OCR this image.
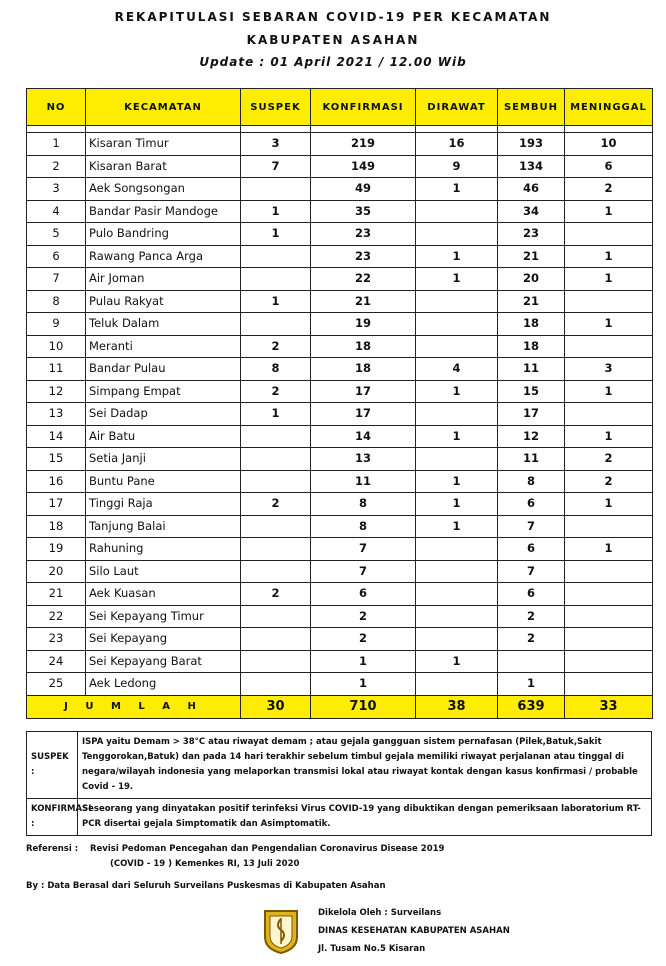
REKAPITULASI SEBARAN COVID-19 PER KECAMATAN
KABUPATEN ASAHAN
Update : 01 April 2021 / 12.00 Wib
NO	KECAMATAN	SUSPEK	KONFIRMASI	DIRAWAT	SEMBUH	MENINGGAL

1	Kisaran Timur	3	219	16	193	10
2	Kisaran Barat	7	149	9	134	6
3	Aek Songsongan		49	1	46	2
4	Bandar Pasir Mandoge	1	35		34	1
5	Pulo Bandring	1	23		23	
6	Rawang Panca Arga		23	1	21	1
7	Air Joman		22	1	20	1
8	Pulau Rakyat	1	21		21	
9	Teluk Dalam		19		18	1
10	Meranti	2	18		18	
11	Bandar Pulau	8	18	4	11	3
12	Simpang Empat	2	17	1	15	1
13	Sei Dadap	1	17		17	
14	Air Batu		14	1	12	1
15	Setia Janji		13		11	2
16	Buntu Pane		11	1	8	2
17	Tinggi Raja	2	8	1	6	1
18	Tanjung Balai		8	1	7	
19	Rahuning		7		6	1
20	Silo Laut		7		7	
21	Aek Kuasan	2	6		6	
22	Sei Kepayang Timur		2		2	
23	Sei Kepayang		2		2	
24	Sei Kepayang Barat		1	1		
25	Aek Ledong		1		1	
J U M L A H		30	710	38	639	33
SUSPEK :	ISPA yaitu Demam > 38°C atau riwayat demam ; atau gejala gangguan sistem pernafasan (Pilek,Batuk,Sakit Tenggorokan,Batuk) dan pada 14 hari terakhir sebelum timbul gejala memiliki riwayat perjalanan atau tinggal di negara/wilayah indonesia yang melaporkan transmisi lokal atau riwayat kontak dengan kasus konfirmasi / probable Covid - 19.
KONFIRMASI :	Seseorang yang dinyatakan positif terinfeksi Virus COVID-19 yang dibuktikan dengan pemeriksaan laboratorium RT-PCR disertai gejala Simptomatik dan Asimptomatik.
Referensi : Revisi Pedoman Pencegahan dan Pengendalian Coronavirus Disease 2019
(COVID - 19 ) Kemenkes RI, 13 Juli 2020
By : Data Berasal dari Seluruh Surveilans Puskesmas di Kabupaten Asahan
Dikelola Oleh : Surveilans
DINAS KESEHATAN KABUPATEN ASAHAN
Jl. Tusam No.5 Kisaran
